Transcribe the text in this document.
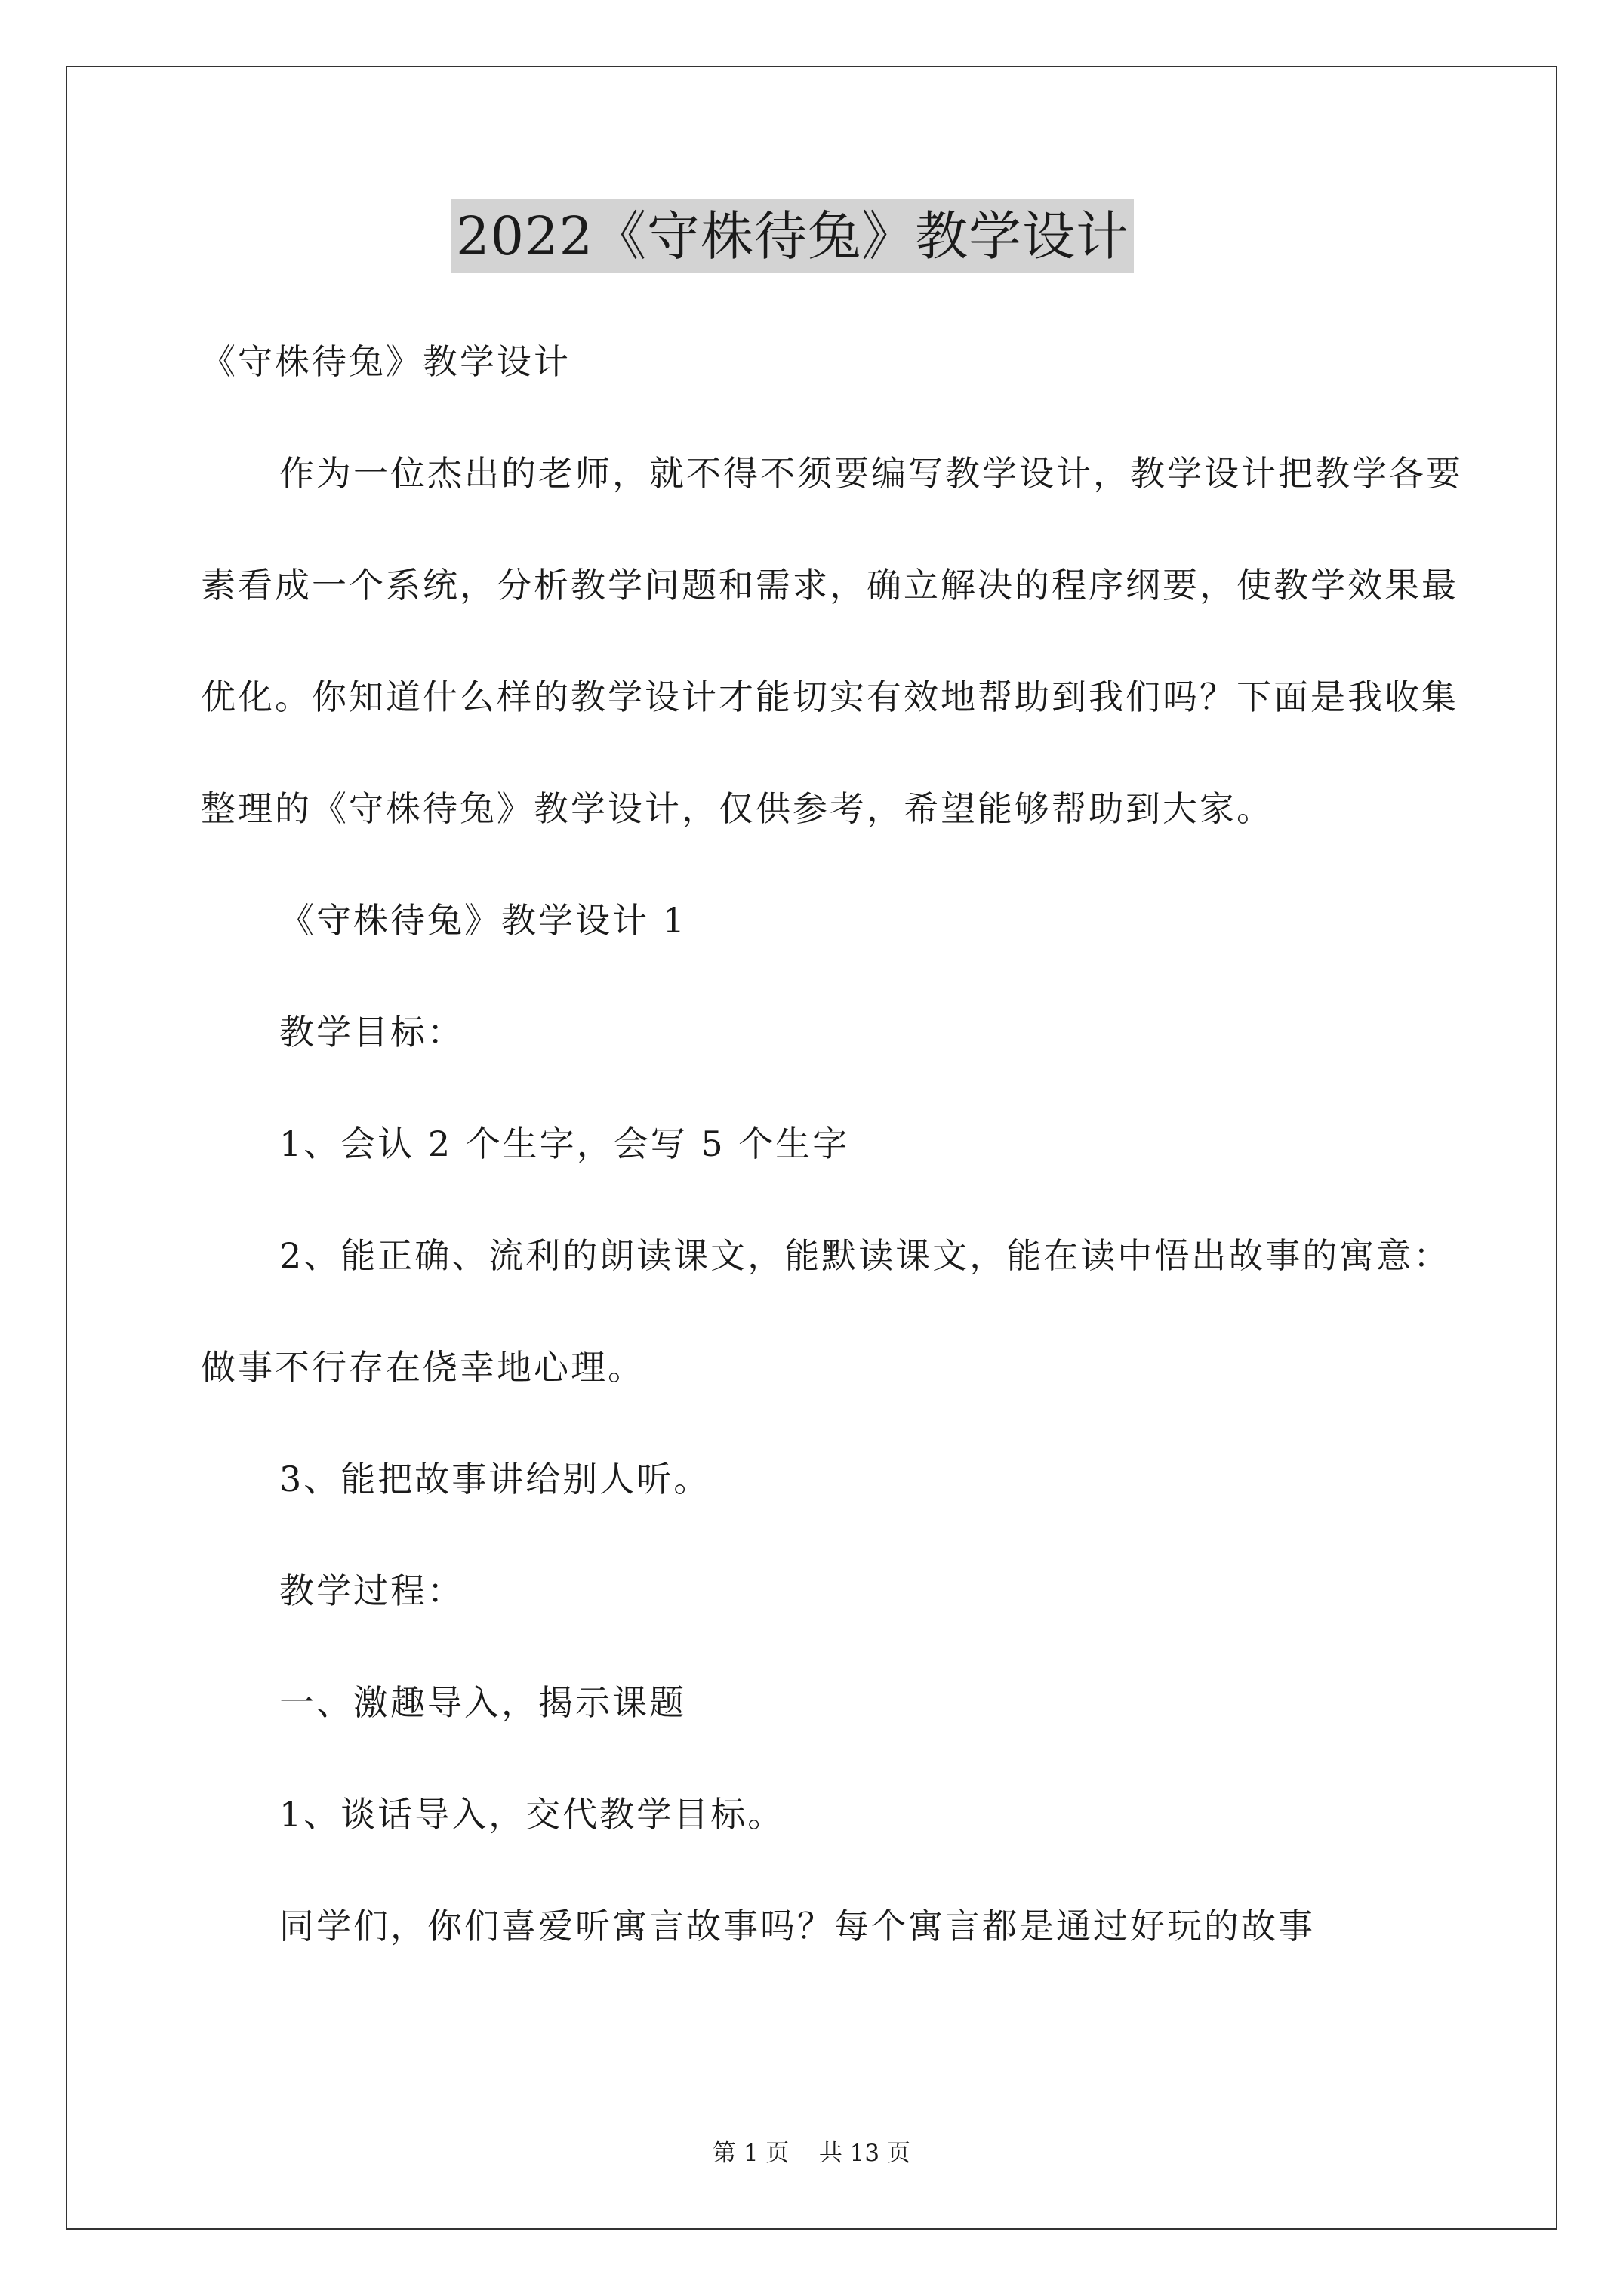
2022《守株待兔》教学设计

《守株待兔》教学设计

作为一位杰出的老师，就不得不须要编写教学设计，教学设计把教学各要素看成一个系统，分析教学问题和需求，确立解决的程序纲要，使教学效果最优化。你知道什么样的教学设计才能切实有效地帮助到我们吗？下面是我收集整理的《守株待兔》教学设计，仅供参考，希望能够帮助到大家。

《守株待兔》教学设计 1

教学目标：

1、会认 2 个生字，会写 5 个生字

2、能正确、流利的朗读课文，能默读课文，能在读中悟出故事的寓意：做事不行存在侥幸地心理。

3、能把故事讲给别人听。

教学过程：

一、激趣导入，揭示课题

1、谈话导入，交代教学目标。

同学们，你们喜爱听寓言故事吗？每个寓言都是通过好玩的故事

第 1 页    共 13 页
